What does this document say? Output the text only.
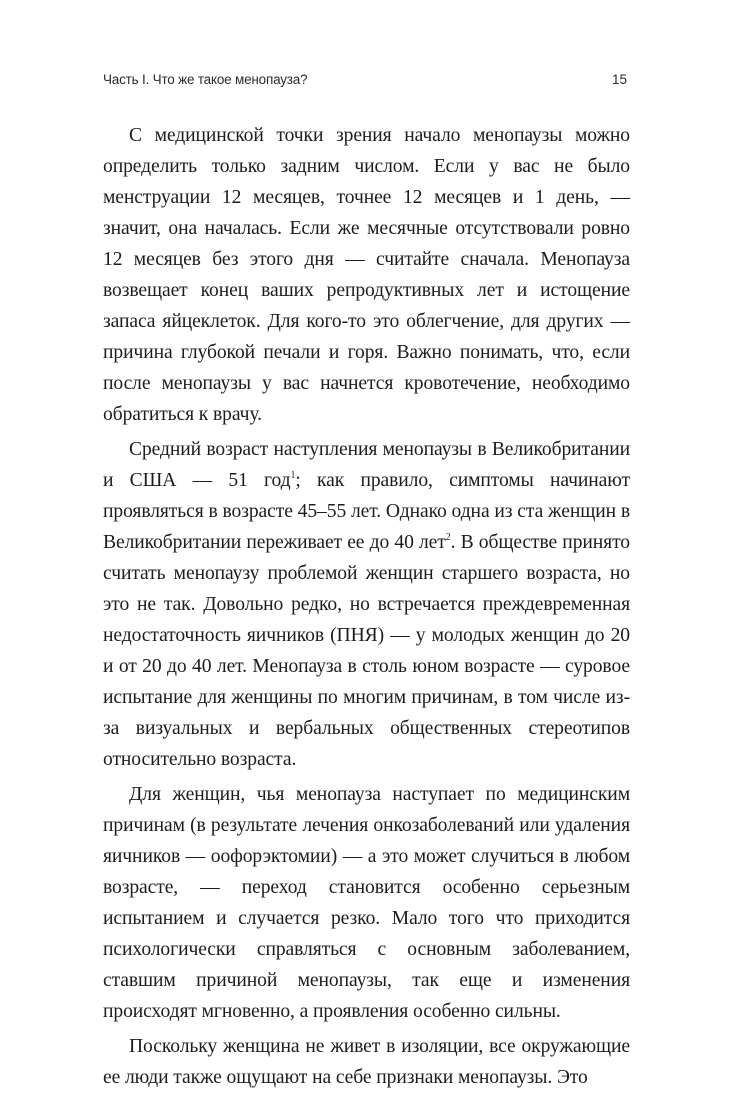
Часть I. Что же такое менопауза?	15

С медицинской точки зрения начало менопаузы можно определить только задним числом. Если у вас не было менструации 12 месяцев, точнее 12 месяцев и 1 день, — значит, она началась. Если же месячные отсутствовали ровно 12 месяцев без этого дня — считайте сначала. Менопауза возвещает конец ваших репродуктивных лет и истощение запаса яйцеклеток. Для кого-то это облегчение, для других — причина глубокой печали и горя. Важно понимать, что, если после менопаузы у вас начнется кровотечение, необходимо обратиться к врачу.

Средний возраст наступления менопаузы в Великобритании и США — 51 год$^1$; как правило, симптомы начинают проявляться в возрасте 45–55 лет. Однако одна из ста женщин в Великобритании переживает ее до 40 лет$^2$. В обществе принято считать менопаузу проблемой женщин старшего возраста, но это не так. Довольно редко, но встречается преждевременная недостаточность яичников (ПНЯ) — у молодых женщин до 20 и от 20 до 40 лет. Менопауза в столь юном возрасте — суровое испытание для женщины по многим причинам, в том числе из-за визуальных и вербальных общественных стереотипов относительно возраста.

Для женщин, чья менопауза наступает по медицинским причинам (в результате лечения онкозаболеваний или удаления яичников — оофорэктомии) — а это может случиться в любом возрасте, — переход становится особенно серьезным испытанием и случается резко. Мало того что приходится психологически справляться с основным заболеванием, ставшим причиной менопаузы, так еще и изменения происходят мгновенно, а проявления особенно сильны.

Поскольку женщина не живет в изоляции, все окружающие ее люди также ощущают на себе признаки менопаузы. Это
